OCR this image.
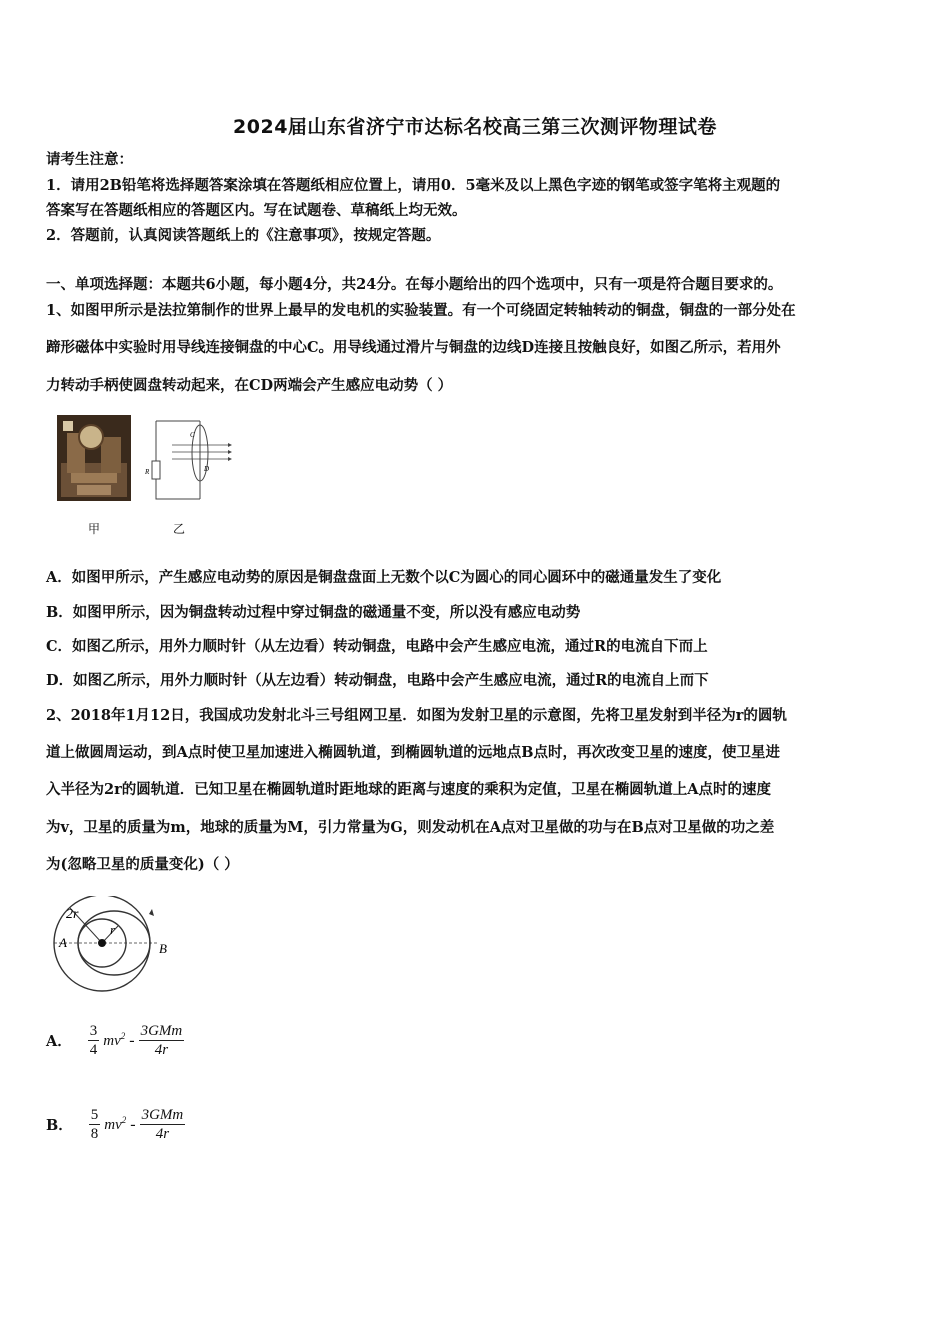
2024届山东省济宁市达标名校高三第三次测评物理试卷
请考生注意：
1．请用2B铅笔将选择题答案涂填在答题纸相应位置上，请用0．5毫米及以上黑色字迹的钢笔或签字笔将主观题的
答案写在答题纸相应的答题区内。写在试题卷、草稿纸上均无效。
2．答题前，认真阅读答题纸上的《注意事项》，按规定答题。
一、单项选择题：本题共6小题，每小题4分，共24分。在每小题给出的四个选项中，只有一项是符合题目要求的。
1、如图甲所示是法拉第制作的世界上最早的发电机的实验装置。有一个可绕固定转轴转动的铜盘，铜盘的一部分处在
蹄形磁体中实验时用导线连接铜盘的中心C。用导线通过滑片与铜盘的边线D连接且按触良好，如图乙所示，若用外
力转动手柄使圆盘转动起来，在CD两端会产生感应电动势（ ）
R
C
D
甲	乙
A．如图甲所示，产生感应电动势的原因是铜盘盘面上无数个以C为圆心的同心圆环中的磁通量发生了变化
B．如图甲所示，因为铜盘转动过程中穿过铜盘的磁通量不变，所以没有感应电动势
C．如图乙所示，用外力顺时针（从左边看）转动铜盘，电路中会产生感应电流，通过R的电流自下而上
D．如图乙所示，用外力顺时针（从左边看）转动铜盘，电路中会产生感应电流，通过R的电流自上而下
2、2018年1月12日，我国成功发射北斗三号组网卫星．如图为发射卫星的示意图，先将卫星发射到半径为r的圆轨
道上做圆周运动，到A点时使卫星加速进入椭圆轨道，到椭圆轨道的远地点B点时，再次改变卫星的速度，使卫星进
入半径为2r的圆轨道．已知卫星在椭圆轨道时距地球的距离与速度的乘积为定值，卫星在椭圆轨道上A点时的速度
为v，卫星的质量为m，地球的质量为M，引力常量为G，则发动机在A点对卫星做的功与在B点对卫星做的功之差
为(忽略卫星的质量变化)（ ）
2r
r
A	B
A． $\frac{3}{4} mv^2 - \frac{\text{3GMm}}{4r}$
B． $\frac{5}{8} mv^2 - \frac{\text{3GMm}}{4r}$
